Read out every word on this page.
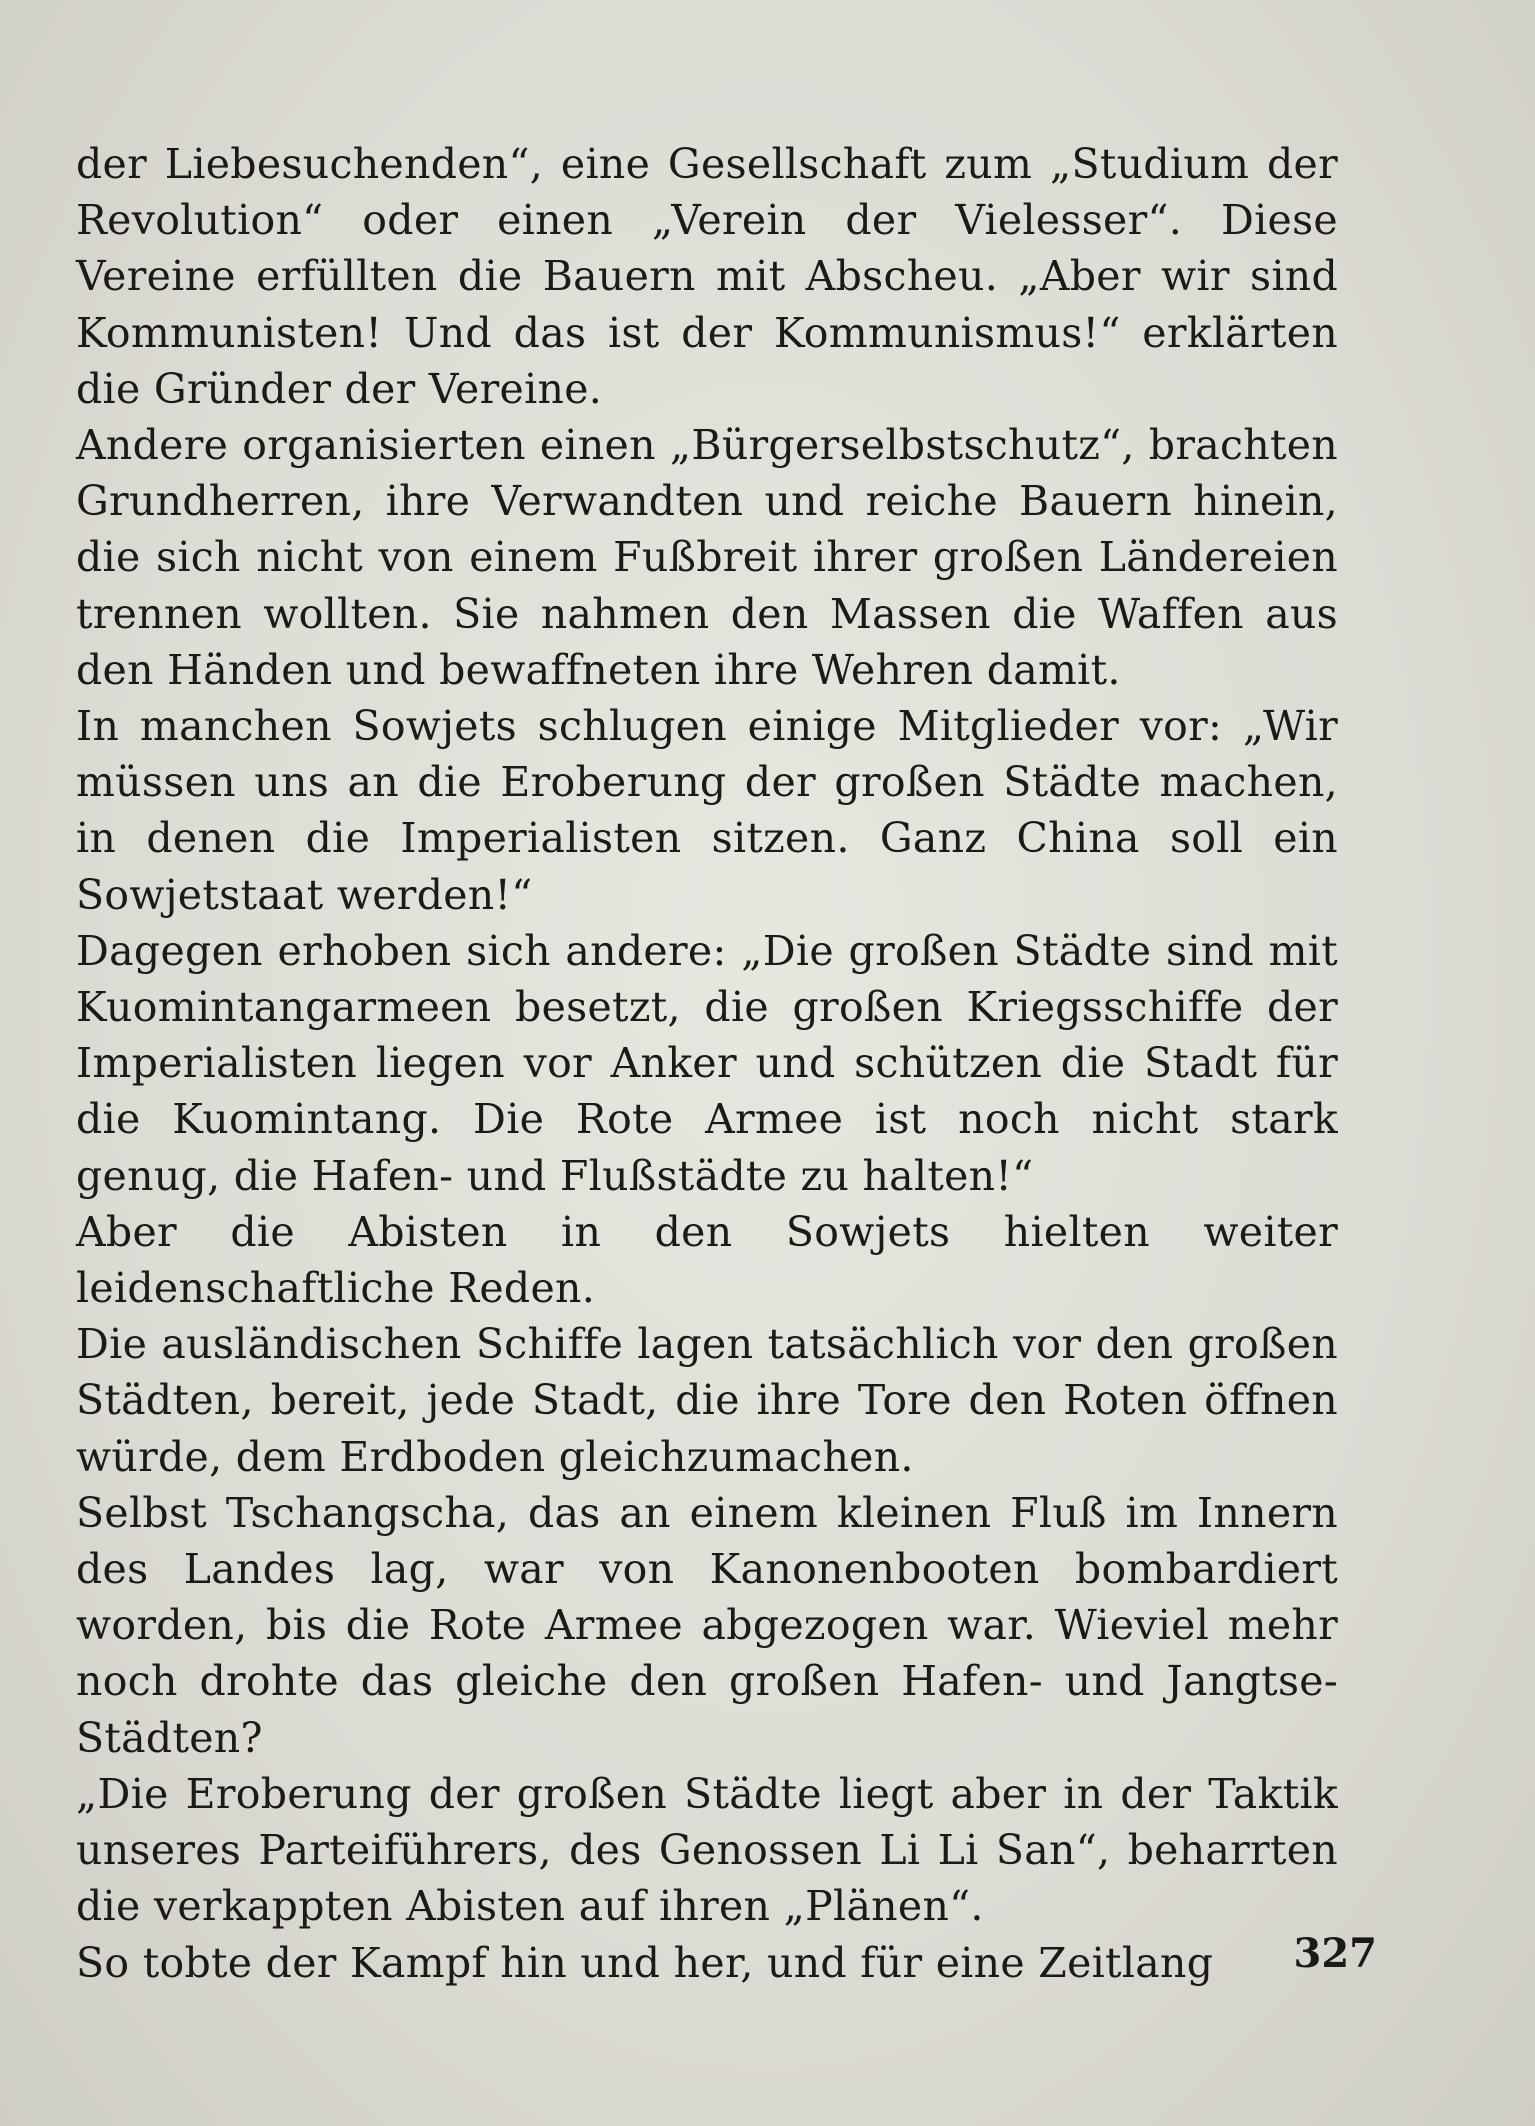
der Liebesuchenden“, eine Gesellschaft zum „Studium der Revolution“ oder einen „Verein der Vielesser“. Diese Vereine erfüllten die Bauern mit Abscheu. „Aber wir sind Kommunisten! Und das ist der Kommunismus!“ erklärten die Gründer der Vereine.

Andere organisierten einen „Bürgerselbstschutz“, brachten Grundherren, ihre Verwandten und reiche Bauern hinein, die sich nicht von einem Fußbreit ihrer großen Ländereien trennen wollten. Sie nahmen den Massen die Waffen aus den Händen und bewaffneten ihre Wehren damit.

In manchen Sowjets schlugen einige Mitglieder vor: „Wir müssen uns an die Eroberung der großen Städte machen, in denen die Imperialisten sitzen. Ganz China soll ein Sowjetstaat werden!“

Dagegen erhoben sich andere: „Die großen Städte sind mit Kuomintangarmeen besetzt, die großen Kriegsschiffe der Imperialisten liegen vor Anker und schützen die Stadt für die Kuomintang. Die Rote Armee ist noch nicht stark genug, die Hafen- und Flußstädte zu halten!“

Aber die Abisten in den Sowjets hielten weiter leidenschaftliche Reden.

Die ausländischen Schiffe lagen tatsächlich vor den großen Städten, bereit, jede Stadt, die ihre Tore den Roten öffnen würde, dem Erdboden gleichzumachen.

Selbst Tschangscha, das an einem kleinen Fluß im Innern des Landes lag, war von Kanonenbooten bombardiert worden, bis die Rote Armee abgezogen war. Wieviel mehr noch drohte das gleiche den großen Hafen- und Jangtse-Städten?

„Die Eroberung der großen Städte liegt aber in der Taktik unseres Parteiführers, des Genossen Li Li San“, beharrten die verkappten Abisten auf ihren „Plänen“.

So tobte der Kampf hin und her, und für eine Zeitlang	327
